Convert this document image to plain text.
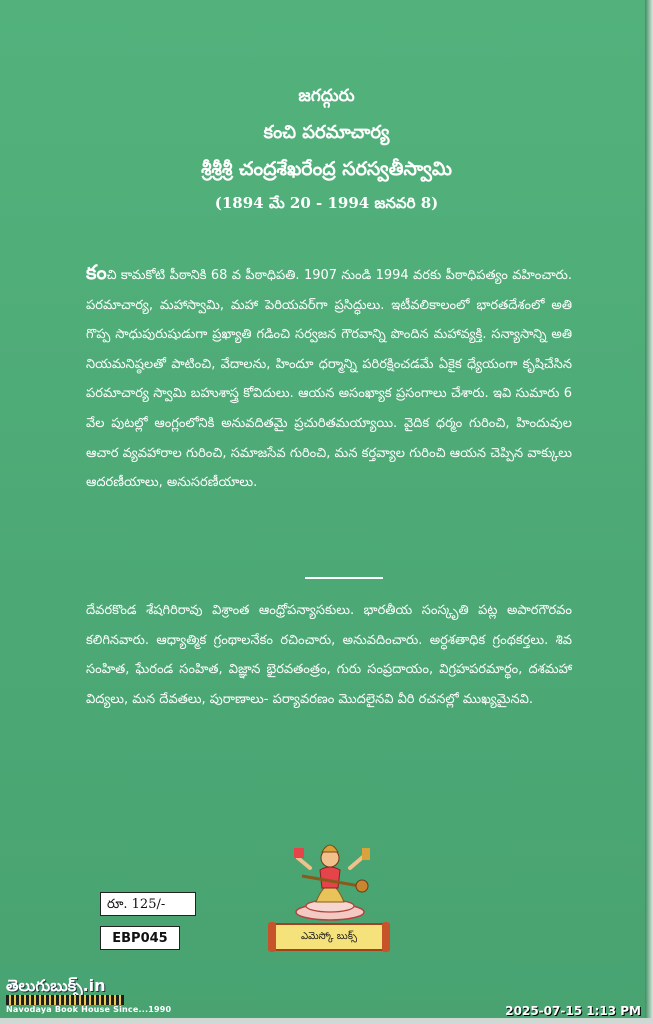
జగద్గురు
కంచి పరమాచార్య
శ్రీశ్రీశ్రీ చంద్రశేఖరేంద్ర సరస్వతీస్వామి
(1894 మే 20 - 1994 జనవరి 8)
కంచి కామకోటి పీఠానికి 68 వ పీఠాధిపతి. 1907 నుండి 1994 వరకు పీఠాధిపత్యం వహించారు. పరమాచార్య, మహాస్వామి, మహా పెరియవర్‌గా ప్రసిద్ధులు. ఇటీవలికాలంలో భారతదేశంలో అతి గొప్ప సాధుపురుషుడుగా ప్రఖ్యాతి గడించి సర్వజన గౌరవాన్ని పొందిన మహావ్యక్తి. సన్యాసాన్ని అతి నియమనిష్ఠలతో పాటించి, వేదాలను, హిందూ ధర్మాన్ని పరిరక్షించడమే ఏకైక ధ్యేయంగా కృషిచేసిన పరమాచార్య స్వామి బహుశాస్త్ర కోవిదులు. ఆయన అసంఖ్యాక ప్రసంగాలు చేశారు. ఇవి సుమారు 6 వేల పుటల్లో ఆంగ్లంలోనికి అనువదితమై ప్రచురితమయ్యాయి. వైదిక ధర్మం గురించి, హిందువుల ఆచార వ్యవహారాల గురించి, సమాజసేవ గురించి, మన కర్తవ్యాల గురించి ఆయన చెప్పిన వాక్కులు ఆదరణీయాలు, అనుసరణీయాలు.
దేవరకొండ శేషగిరిరావు విశ్రాంత ఆంధ్రోపన్యాసకులు. భారతీయ సంస్కృతి పట్ల అపారగౌరవం కలిగినవారు. ఆధ్యాత్మిక గ్రంథాలనేకం రచించారు, అనువదించారు. అర్ధశతాధిక గ్రంథకర్తలు. శివ సంహిత, ఘేరండ సంహిత, విజ్ఞాన భైరవతంత్రం, గురు సంప్రదాయం, విగ్రహపరమార్థం, దశమహా విద్యలు, మన దేవతలు, పురాణాలు- పర్యావరణం మొదలైనవి వీరి రచనల్లో ముఖ్యమైనవి.
ఎమెస్కో బుక్స్
రూ. 125/-
EBP045
తెలుగుబుక్స్.in
Navodaya Book House Since...1990	2025-07-15 1:13 PM
